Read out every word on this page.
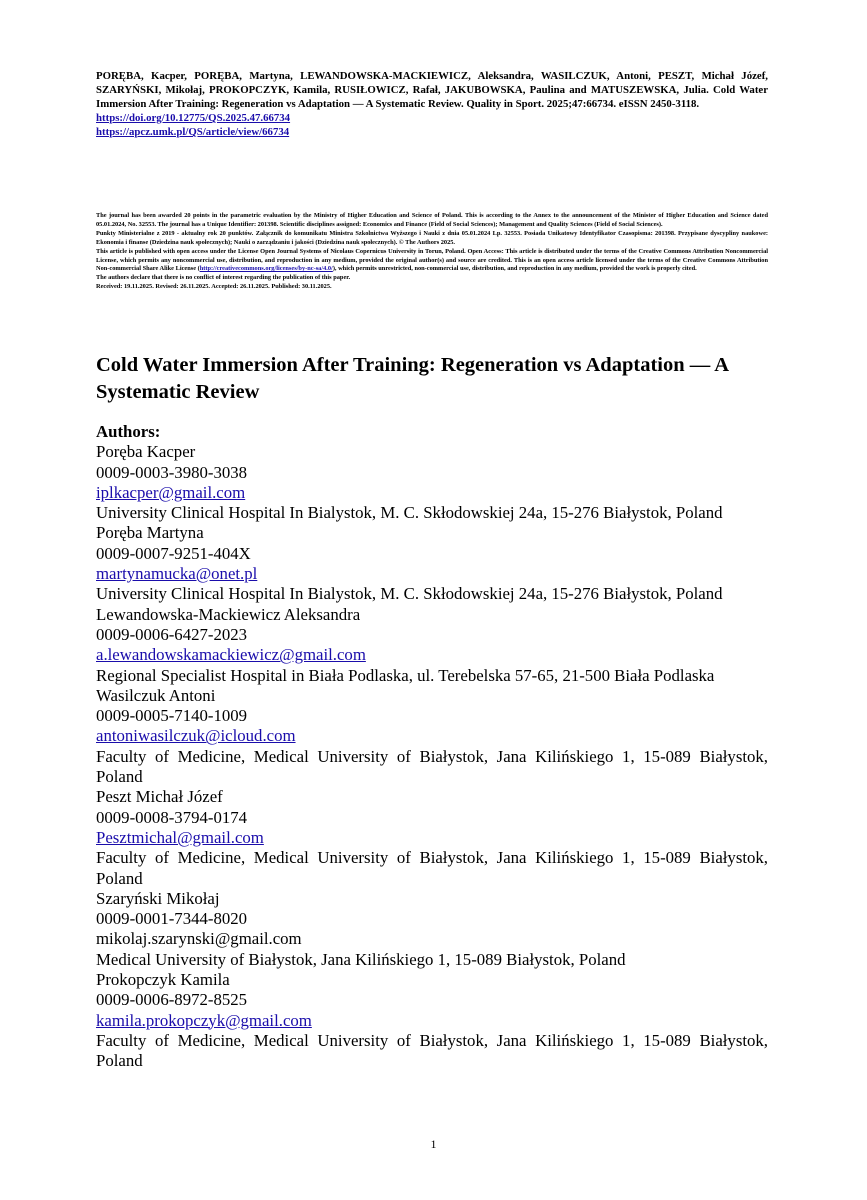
PORĘBA, Kacper, PORĘBA, Martyna, LEWANDOWSKA-MACKIEWICZ, Aleksandra, WASILCZUK, Antoni, PESZT, Michał Józef, SZARYŃSKI, Mikołaj, PROKOPCZYK, Kamila, RUSIŁOWICZ, Rafał, JAKUBOWSKA, Paulina and MATUSZEWSKA, Julia. Cold Water Immersion After Training: Regeneration vs Adaptation — A Systematic Review. Quality in Sport. 2025;47:66734. eISSN 2450-3118.
https://doi.org/10.12775/QS.2025.47.66734
https://apcz.umk.pl/QS/article/view/66734

The journal has been awarded 20 points in the parametric evaluation by the Ministry of Higher Education and Science of Poland. This is according to the Annex to the announcement of the Minister of Higher Education and Science dated 05.01.2024, No. 32553. The journal has a Unique Identifier: 201398. Scientific disciplines assigned: Economics and Finance (Field of Social Sciences); Management and Quality Sciences (Field of Social Sciences).

Punkty Ministerialne z 2019 - aktualny rok 20 punktów. Załącznik do komunikatu Ministra Szkolnictwa Wyższego i Nauki z dnia 05.01.2024 Lp. 32553. Posiada Unikatowy Identyfikator Czasopisma: 201398. Przypisane dyscypliny naukowe: Ekonomia i finanse (Dziedzina nauk społecznych); Nauki o zarządzaniu i jakości (Dziedzina nauk społecznych). © The Authors 2025.

This article is published with open access under the License Open Journal Systems of Nicolaus Copernicus University in Torun, Poland. Open Access: This article is distributed under the terms of the Creative Commons Attribution Noncommercial License, which permits any noncommercial use, distribution, and reproduction in any medium, provided the original author(s) and source are credited. This is an open access article licensed under the terms of the Creative Commons Attribution Non-commercial Share Alike License (http://creativecommons.org/licenses/by-nc-sa/4.0/), which permits unrestricted, non-commercial use, distribution, and reproduction in any medium, provided the work is properly cited.

The authors declare that there is no conflict of interest regarding the publication of this paper.

Received: 19.11.2025. Revised: 26.11.2025. Accepted: 26.11.2025. Published: 30.11.2025.

Cold Water Immersion After Training: Regeneration vs Adaptation — A Systematic Review
Authors:
Poręba Kacper
0009-0003-3980-3038
iplkacper@gmail.com
University Clinical Hospital In Bialystok, M. C. Skłodowskiej 24a, 15-276 Białystok, Poland
Poręba Martyna
0009-0007-9251-404X
martynamucka@onet.pl
University Clinical Hospital In Bialystok, M. C. Skłodowskiej 24a, 15-276 Białystok, Poland
Lewandowska-Mackiewicz Aleksandra
0009-0006-6427-2023
a.lewandowskamackiewicz@gmail.com
Regional Specialist Hospital in Biała Podlaska, ul. Terebelska 57-65, 21-500 Biała Podlaska
Wasilczuk Antoni
0009-0005-7140-1009
antoniwasilczuk@icloud.com
Faculty of Medicine, Medical University of Białystok, Jana Kilińskiego 1, 15-089 Białystok, Poland
Peszt Michał Józef
0009-0008-3794-0174
Pesztmichal@gmail.com
Faculty of Medicine, Medical University of Białystok, Jana Kilińskiego 1, 15-089 Białystok, Poland
Szaryński Mikołaj
0009-0001-7344-8020
mikolaj.szarynski@gmail.com
Medical University of Białystok, Jana Kilińskiego 1, 15-089 Białystok, Poland
Prokopczyk Kamila
0009-0006-8972-8525
kamila.prokopczyk@gmail.com
Faculty of Medicine, Medical University of Białystok, Jana Kilińskiego 1, 15-089 Białystok, Poland
1
